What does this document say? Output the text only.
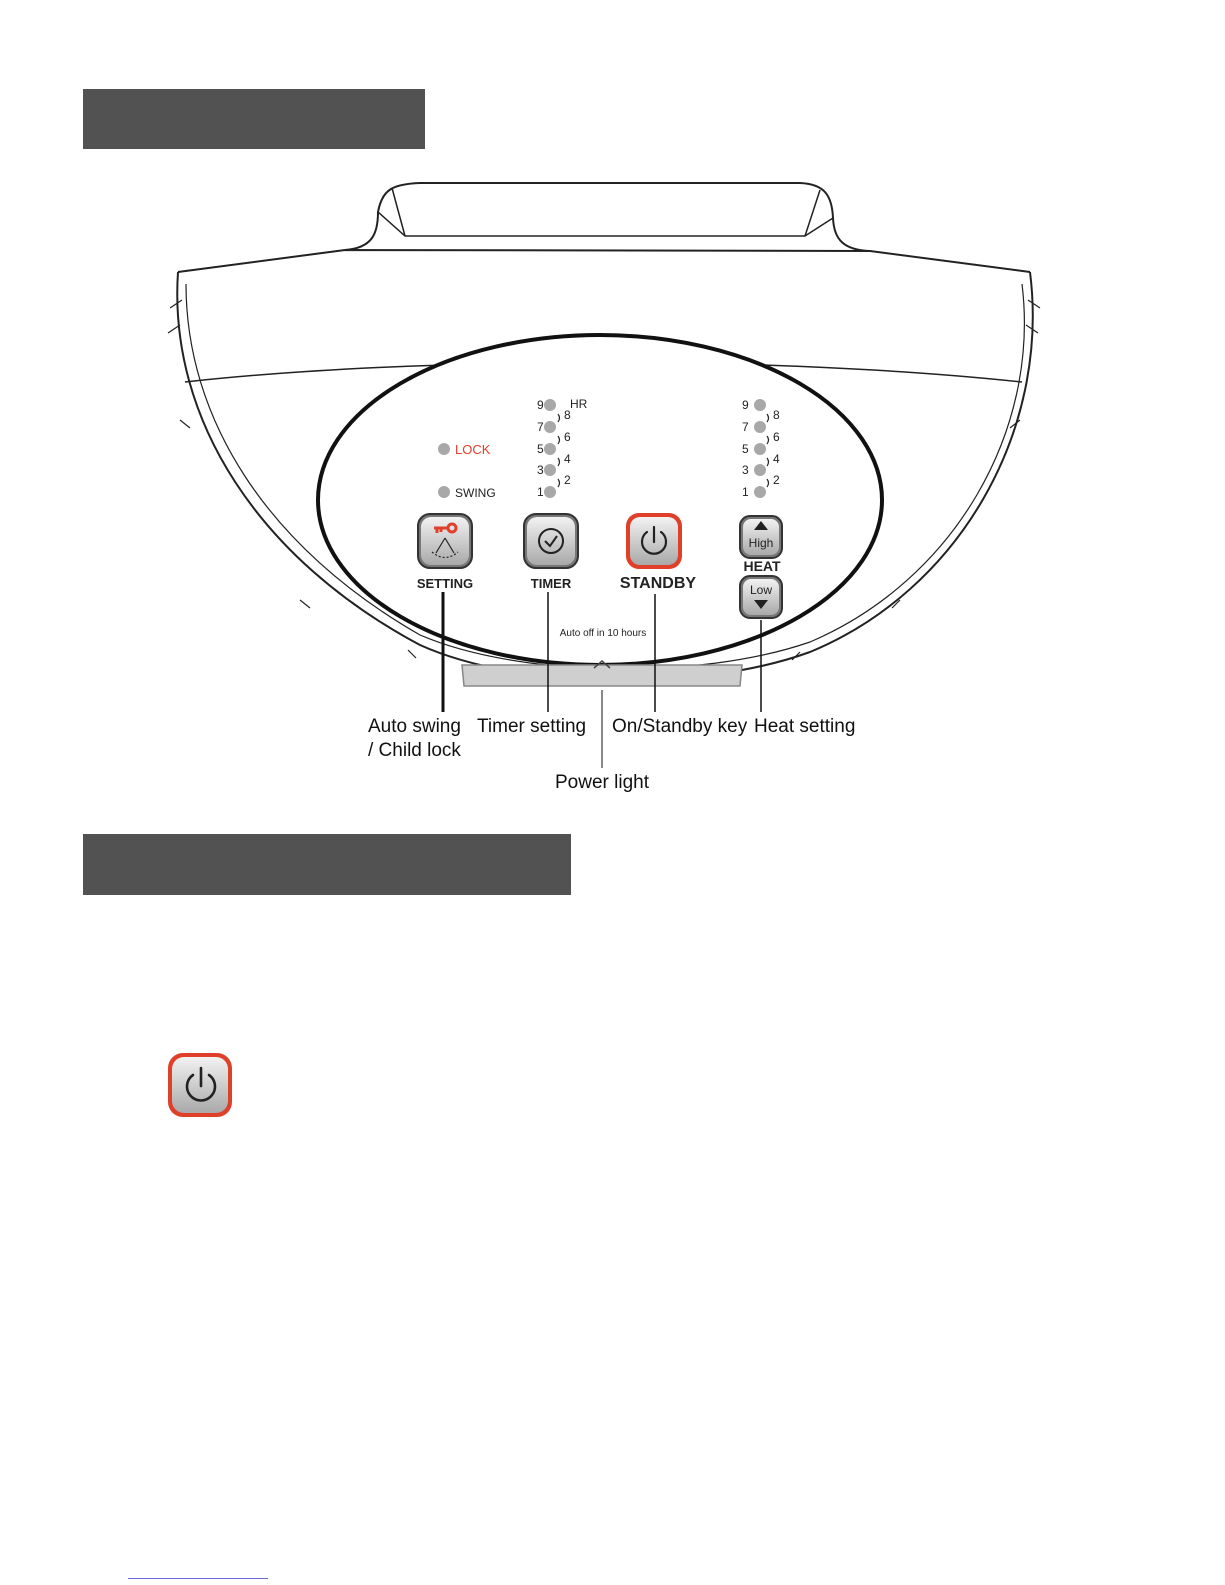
LOCK
SWING
9
7
5
3
1
8
6
4
2
HR	9
7
5
3
1
8
6
4
2
SETTING	TIMER	STANDBY
High
HEAT
Low
Auto off in 10 hours
Auto swing
/ Child lock
Timer setting On/Standby key Heat setting
Power light
